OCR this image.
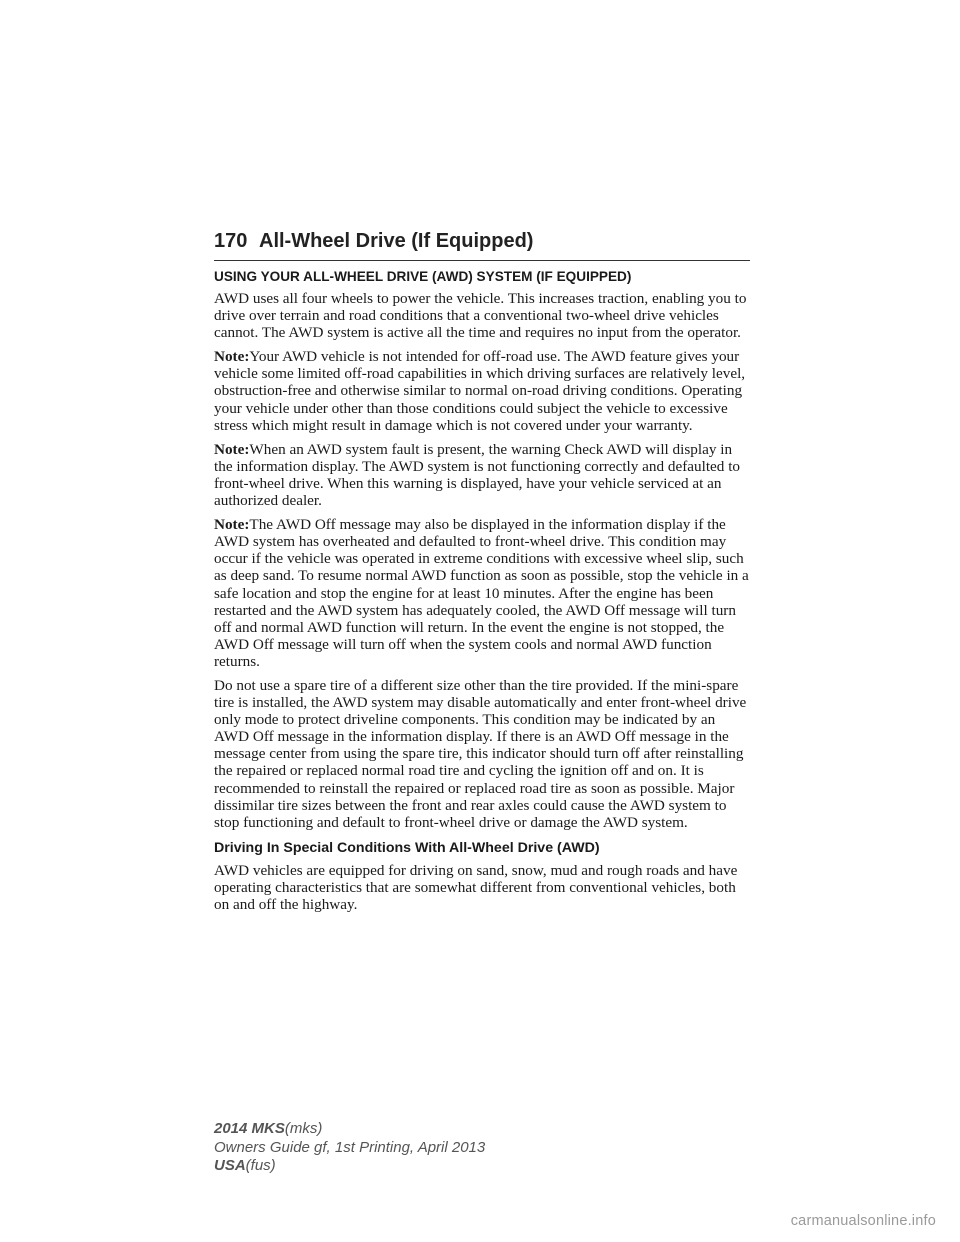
170 All-Wheel Drive (If Equipped)
USING YOUR ALL-WHEEL DRIVE (AWD) SYSTEM (IF EQUIPPED)

AWD uses all four wheels to power the vehicle. This increases traction, enabling you to drive over terrain and road conditions that a conventional two-wheel drive vehicles cannot. The AWD system is active all the time and requires no input from the operator.

Note:Your AWD vehicle is not intended for off-road use. The AWD feature gives your vehicle some limited off-road capabilities in which driving surfaces are relatively level, obstruction-free and otherwise similar to normal on-road driving conditions. Operating your vehicle under other than those conditions could subject the vehicle to excessive stress which might result in damage which is not covered under your warranty.

Note:When an AWD system fault is present, the warning Check AWD will display in the information display. The AWD system is not functioning correctly and defaulted to front-wheel drive. When this warning is displayed, have your vehicle serviced at an authorized dealer.

Note:The AWD Off message may also be displayed in the information display if the AWD system has overheated and defaulted to front-wheel drive. This condition may occur if the vehicle was operated in extreme conditions with excessive wheel slip, such as deep sand. To resume normal AWD function as soon as possible, stop the vehicle in a safe location and stop the engine for at least 10 minutes. After the engine has been restarted and the AWD system has adequately cooled, the AWD Off message will turn off and normal AWD function will return. In the event the engine is not stopped, the AWD Off message will turn off when the system cools and normal AWD function returns.

Do not use a spare tire of a different size other than the tire provided. If the mini-spare tire is installed, the AWD system may disable automatically and enter front-wheel drive only mode to protect driveline components. This condition may be indicated by an AWD Off message in the information display. If there is an AWD Off message in the message center from using the spare tire, this indicator should turn off after reinstalling the repaired or replaced normal road tire and cycling the ignition off and on. It is recommended to reinstall the repaired or replaced road tire as soon as possible. Major dissimilar tire sizes between the front and rear axles could cause the AWD system to stop functioning and default to front-wheel drive or damage the AWD system.

Driving In Special Conditions With All-Wheel Drive (AWD)

AWD vehicles are equipped for driving on sand, snow, mud and rough roads and have operating characteristics that are somewhat different from conventional vehicles, both on and off the highway.

2014 MKS(mks)
Owners Guide gf, 1st Printing, April 2013
USA(fus)
carmanualsonline.info
